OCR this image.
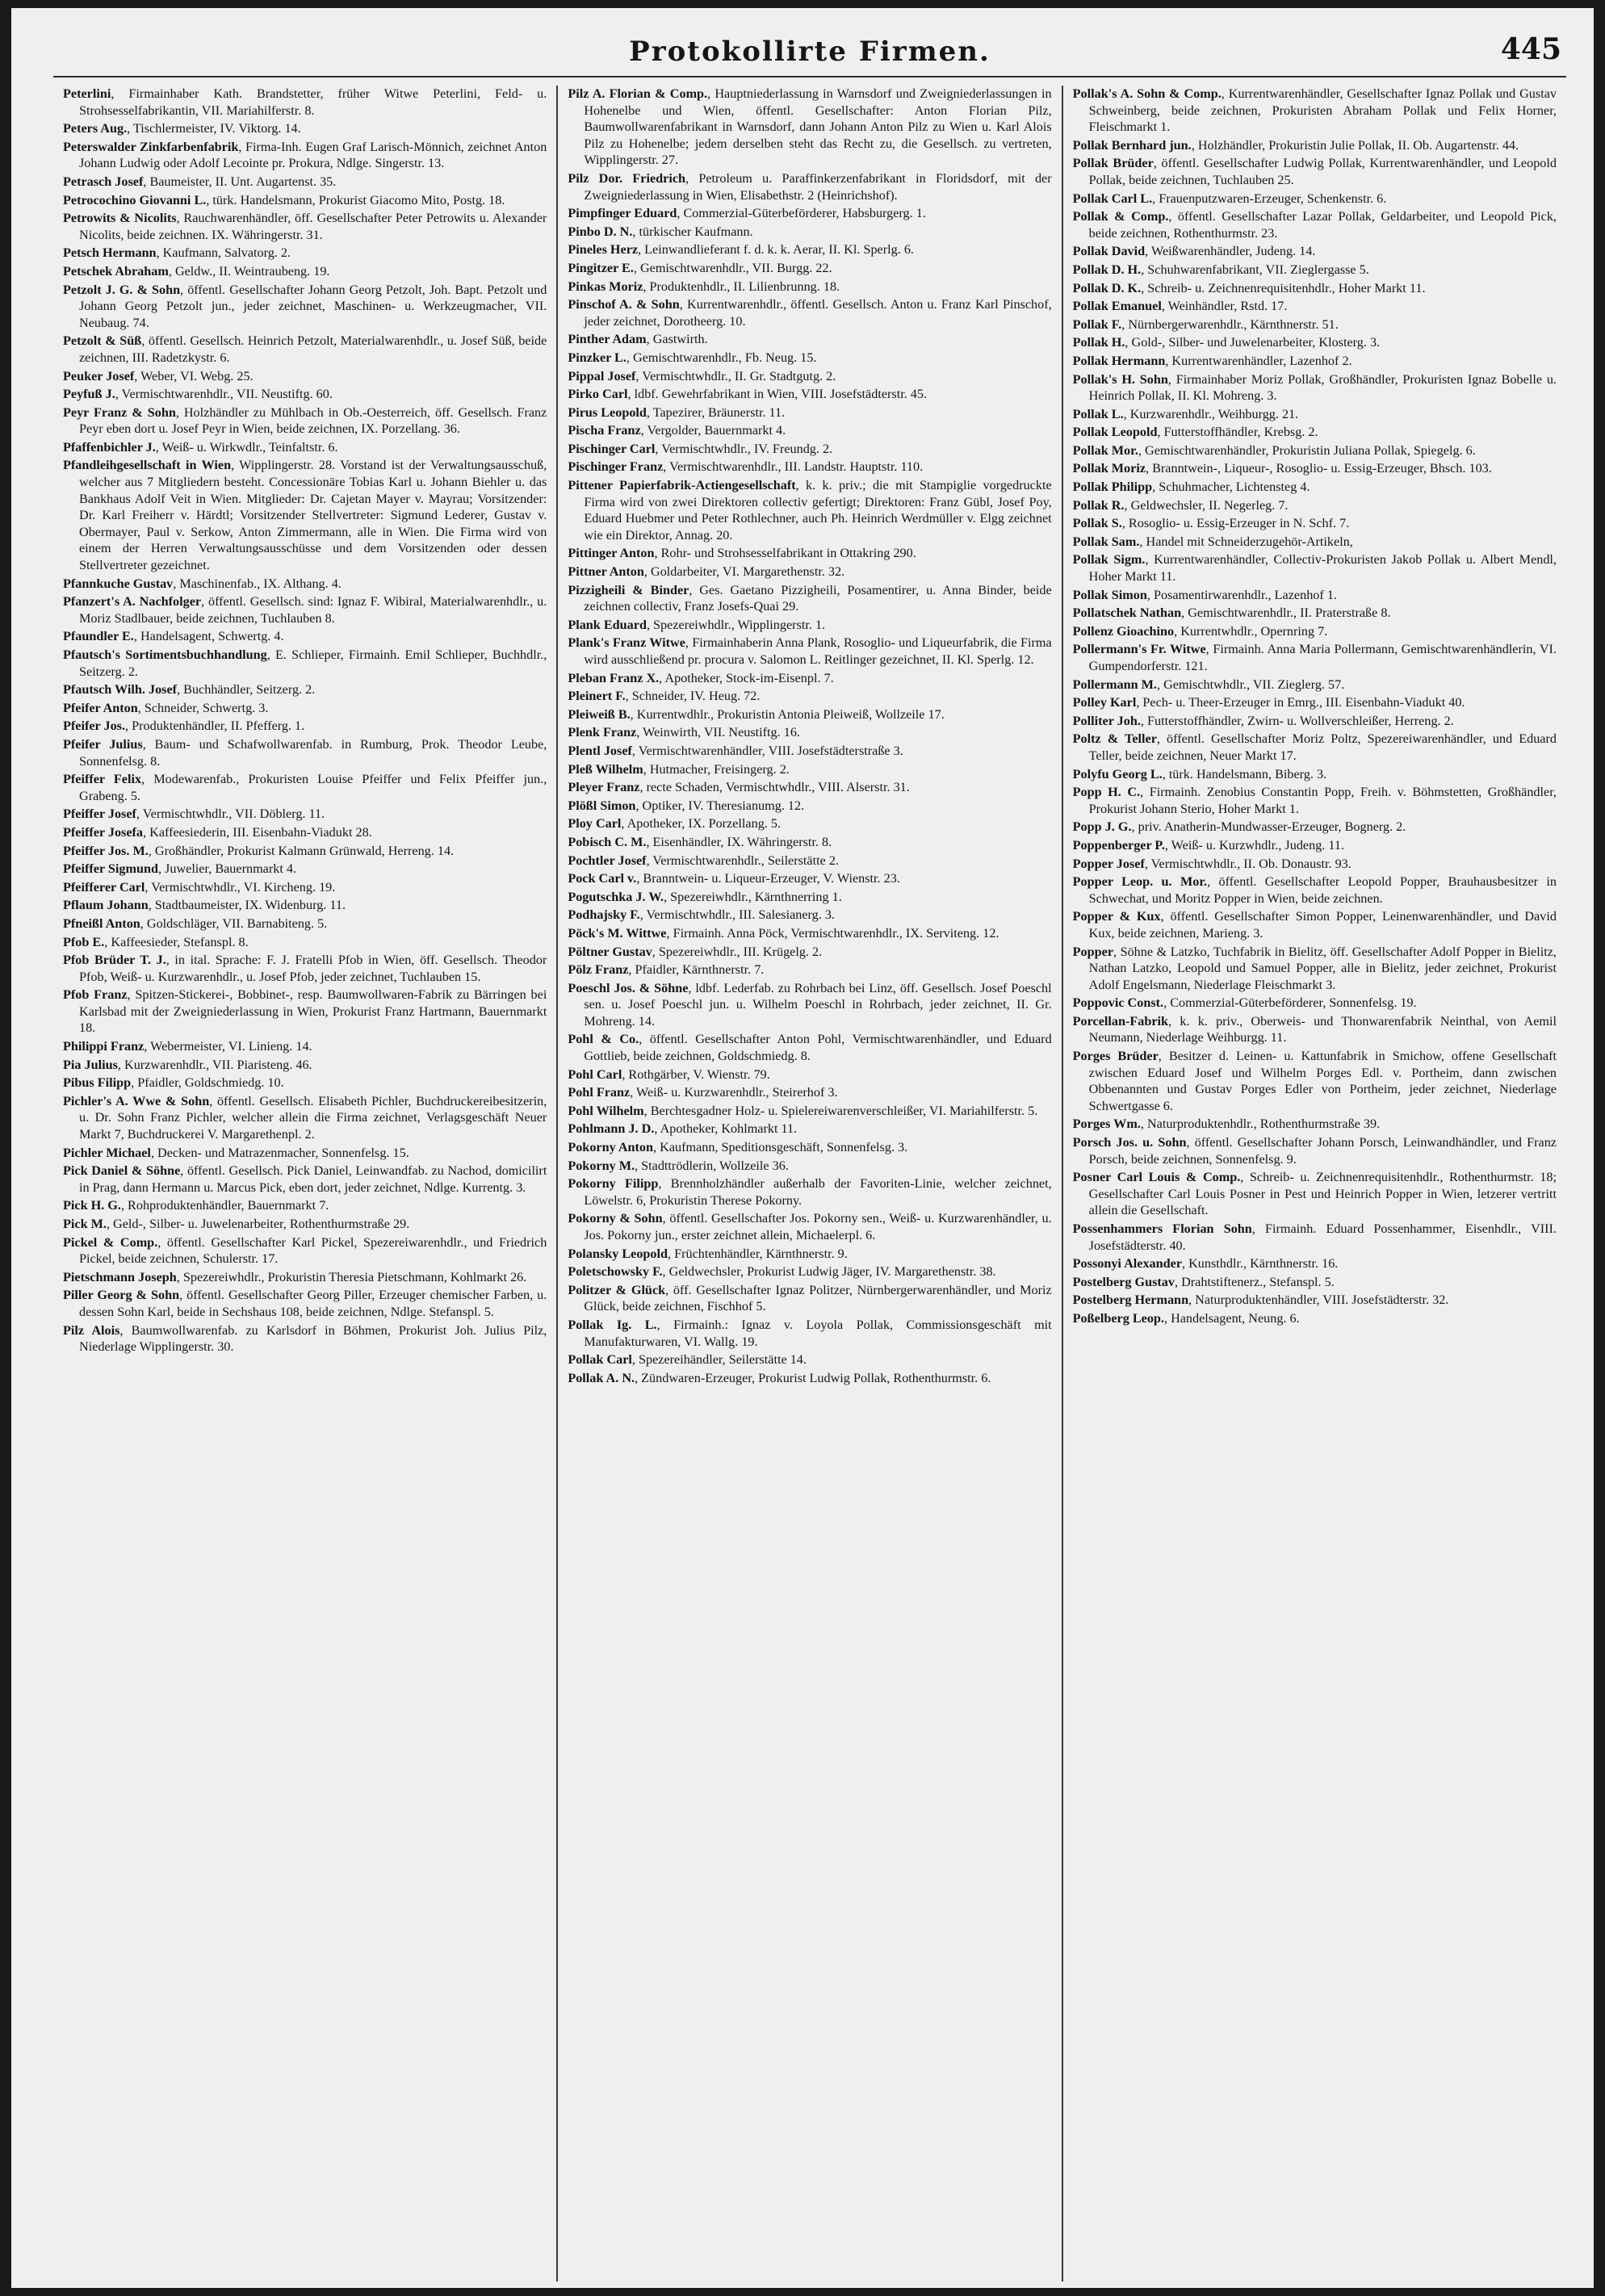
Protokollirte Firmen.	445
Peterlini, Firmainhaber Kath. Brandstetter, früher Witwe Peterlini, Feld- u. Strohsesselfabrikantin, VII. Mariahilferstr. 8.
Peters Aug., Tischlermeister, IV. Viktorg. 14.
Peterswalder Zinkfarbenfabrik, Firma-Inh. Eugen Graf Larisch-Mönnich, zeichnet Anton Johann Ludwig oder Adolf Lecointe pr. Prokura, Ndlge. Singerstr. 13.
Petrasch Josef, Baumeister, II. Unt. Augartenst. 35.
Petrocochino Giovanni L., türk. Handelsmann, Prokurist Giacomo Mito, Postg. 18.
Petrowits & Nicolits, Rauchwarenhändler, öff. Gesellschafter Peter Petrowits u. Alexander Nicolits, beide zeichnen. IX. Währingerstr. 31.
Petsch Hermann, Kaufmann, Salvatorg. 2.
Petschek Abraham, Geldw., II. Weintraubeng. 19.
Petzolt J. G. & Sohn, öffentl. Gesellschafter Johann Georg Petzolt, Joh. Bapt. Petzolt und Johann Georg Petzolt jun., jeder zeichnet, Maschinen- u. Werkzeugmacher, VII. Neubaug. 74.
Petzolt & Süß, öffentl. Gesellsch. Heinrich Petzolt, Materialwarenhdlr., u. Josef Süß, beide zeichnen, III. Radetzkystr. 6.
Peuker Josef, Weber, VI. Webg. 25.
Peyfuß J., Vermischtwarenhdlr., VII. Neustiftg. 60.
Peyr Franz & Sohn, Holzhändler zu Mühlbach in Ob.-Oesterreich, öff. Gesellsch. Franz Peyr eben dort u. Josef Peyr in Wien, beide zeichnen, IX. Porzellang. 36.
Pfaffenbichler J., Weiß- u. Wirkwdlr., Teinfaltstr. 6.
Pfandleihgesellschaft in Wien, Wipplingerstr. 28. Vorstand ist der Verwaltungsausschuß, welcher aus 7 Mitgliedern besteht. Concessionäre Tobias Karl u. Johann Biehler u. das Bankhaus Adolf Veit in Wien. Mitglieder: Dr. Cajetan Mayer v. Mayrau; Vorsitzender: Dr. Karl Freiherr v. Härdtl; Vorsitzender Stellvertreter: Sigmund Lederer, Gustav v. Obermayer, Paul v. Serkow, Anton Zimmermann, alle in Wien. Die Firma wird von einem der Herren Verwaltungsausschüsse und dem Vorsitzenden oder dessen Stellvertreter gezeichnet.
Pfannkuche Gustav, Maschinenfab., IX. Althang. 4.
Pfanzert's A. Nachfolger, öffentl. Gesellsch. sind: Ignaz F. Wibiral, Materialwarenhdlr., u. Moriz Stadlbauer, beide zeichnen, Tuchlauben 8.
Pfaundler E., Handelsagent, Schwertg. 4.
Pfautsch's Sortimentsbuchhandlung, E. Schlieper, Firmainh. Emil Schlieper, Buchhdlr., Seitzerg. 2.
Pfautsch Wilh. Josef, Buchhändler, Seitzerg. 2.
Pfeifer Anton, Schneider, Schwertg. 3.
Pfeifer Jos., Produktenhändler, II. Pfefferg. 1.
Pfeifer Julius, Baum- und Schafwollwarenfab. in Rumburg, Prok. Theodor Leube, Sonnenfelsg. 8.
Pfeiffer Felix, Modewarenfab., Prokuristen Louise Pfeiffer und Felix Pfeiffer jun., Grabeng. 5.
Pfeiffer Josef, Vermischtwhdlr., VII. Döblerg. 11.
Pfeiffer Josefa, Kaffeesiederin, III. Eisenbahn-Viadukt 28.
Pfeiffer Jos. M., Großhändler, Prokurist Kalmann Grünwald, Herreng. 14.
Pfeiffer Sigmund, Juwelier, Bauernmarkt 4.
Pfeifferer Carl, Vermischtwhdlr., VI. Kircheng. 19.
Pflaum Johann, Stadtbaumeister, IX. Widenburg. 11.
Pfneißl Anton, Goldschläger, VII. Barnabiteng. 5.
Pfob E., Kaffeesieder, Stefanspl. 8.
Pfob Brüder T. J., in ital. Sprache: F. J. Fratelli Pfob in Wien, öff. Gesellsch. Theodor Pfob, Weiß- u. Kurzwarenhdlr., u. Josef Pfob, jeder zeichnet, Tuchlauben 15.
Pfob Franz, Spitzen-Stickerei-, Bobbinet-, resp. Baumwollwaren-Fabrik zu Bärringen bei Karlsbad mit der Zweigniederlassung in Wien, Prokurist Franz Hartmann, Bauernmarkt 18.
Philippi Franz, Webermeister, VI. Linieng. 14.
Pia Julius, Kurzwarenhdlr., VII. Piaristeng. 46.
Pibus Filipp, Pfaidler, Goldschmiedg. 10.
Pichler's A. Wwe & Sohn, öffentl. Gesellsch. Elisabeth Pichler, Buchdruckereibesitzerin, u. Dr. Sohn Franz Pichler, welcher allein die Firma zeichnet, Verlagsgeschäft Neuer Markt 7, Buchdruckerei V. Margarethenpl. 2.
Pichler Michael, Decken- und Matrazenmacher, Sonnenfelsg. 15.
Pick Daniel & Söhne, öffentl. Gesellsch. Pick Daniel, Leinwandfab. zu Nachod, domicilirt in Prag, dann Hermann u. Marcus Pick, eben dort, jeder zeichnet, Ndlge. Kurrentg. 3.
Pick H. G., Rohproduktenhändler, Bauernmarkt 7.
Pick M., Geld-, Silber- u. Juwelenarbeiter, Rothenthurmstraße 29.
Pickel & Comp., öffentl. Gesellschafter Karl Pickel, Spezereiwarenhdlr., und Friedrich Pickel, beide zeichnen, Schulerstr. 17.
Pietschmann Joseph, Spezereiwhdlr., Prokuristin Theresia Pietschmann, Kohlmarkt 26.
Piller Georg & Sohn, öffentl. Gesellschafter Georg Piller, Erzeuger chemischer Farben, u. dessen Sohn Karl, beide in Sechshaus 108, beide zeichnen, Ndlge. Stefanspl. 5.
Pilz Alois, Baumwollwarenfab. zu Karlsdorf in Böhmen, Prokurist Joh. Julius Pilz, Niederlage Wipplingerstr. 30.
Pilz A. Florian & Comp., Hauptniederlassung in Warnsdorf und Zweigniederlassungen in Hohenelbe und Wien, öffentl. Gesellschafter: Anton Florian Pilz, Baumwollwarenfabrikant in Warnsdorf, dann Johann Anton Pilz zu Wien u. Karl Alois Pilz zu Hohenelbe; jedem derselben steht das Recht zu, die Gesellsch. zu vertreten, Wipplingerstr. 27.
Pilz Dor. Friedrich, Petroleum u. Paraffinkerzenfabrikant in Floridsdorf, mit der Zweigniederlassung in Wien, Elisabethstr. 2 (Heinrichshof).
Pimpfinger Eduard, Commerzial-Güterbeförderer, Habsburgerg. 1.
Pinbo D. N., türkischer Kaufmann.
Pineles Herz, Leinwandlieferant f. d. k. k. Aerar, II. Kl. Sperlg. 6.
Pingitzer E., Gemischtwarenhdlr., VII. Burgg. 22.
Pinkas Moriz, Produktenhdlr., II. Lilienbrunng. 18.
Pinschof A. & Sohn, Kurrentwarenhdlr., öffentl. Gesellsch. Anton u. Franz Karl Pinschof, jeder zeichnet, Dorotheerg. 10.
Pinther Adam, Gastwirth.
Pinzker L., Gemischtwarenhdlr., Fb. Neug. 15.
Pippal Josef, Vermischtwhdlr., II. Gr. Stadtgutg. 2.
Pirko Carl, ldbf. Gewehrfabrikant in Wien, VIII. Josefstädterstr. 45.
Pirus Leopold, Tapezirer, Bräunerstr. 11.
Pischa Franz, Vergolder, Bauernmarkt 4.
Pischinger Carl, Vermischtwhdlr., IV. Freundg. 2.
Pischinger Franz, Vermischtwarenhdlr., III. Landstr. Hauptstr. 110.
Pittener Papierfabrik-Actiengesellschaft, k. k. priv.; die mit Stampiglie vorgedruckte Firma wird von zwei Direktoren collectiv gefertigt; Direktoren: Franz Gübl, Josef Poy, Eduard Huebmer und Peter Rothlechner, auch Ph. Heinrich Werdmüller v. Elgg zeichnet wie ein Direktor, Annag. 20.
Pittinger Anton, Rohr- und Strohsesselfabrikant in Ottakring 290.
Pittner Anton, Goldarbeiter, VI. Margarethenstr. 32.
Pizzigheili & Binder, Ges. Gaetano Pizzigheili, Posamentirer, u. Anna Binder, beide zeichnen collectiv, Franz Josefs-Quai 29.
Plank Eduard, Spezereiwhdlr., Wipplingerstr. 1.
Plank's Franz Witwe, Firmainhaberin Anna Plank, Rosoglio- und Liqueurfabrik, die Firma wird ausschließend pr. procura v. Salomon L. Reitlinger gezeichnet, II. Kl. Sperlg. 12.
Pleban Franz X., Apotheker, Stock-im-Eisenpl. 7.
Pleinert F., Schneider, IV. Heug. 72.
Pleiweiß B., Kurrentwdhlr., Prokuristin Antonia Pleiweiß, Wollzeile 17.
Plenk Franz, Weinwirth, VII. Neustiftg. 16.
Plentl Josef, Vermischtwarenhändler, VIII. Josefstädterstraße 3.
Pleß Wilhelm, Hutmacher, Freisingerg. 2.
Pleyer Franz, recte Schaden, Vermischtwhdlr., VIII. Alserstr. 31.
Plößl Simon, Optiker, IV. Theresianumg. 12.
Ploy Carl, Apotheker, IX. Porzellang. 5.
Pobisch C. M., Eisenhändler, IX. Währingerstr. 8.
Pochtler Josef, Vermischtwarenhdlr., Seilerstätte 2.
Pock Carl v., Branntwein- u. Liqueur-Erzeuger, V. Wienstr. 23.
Pogutschka J. W., Spezereiwhdlr., Kärnthnerring 1.
Podhajsky F., Vermischtwhdlr., III. Salesianerg. 3.
Pöck's M. Wittwe, Firmainh. Anna Pöck, Vermischtwarenhdlr., IX. Serviteng. 12.
Pöltner Gustav, Spezereiwhdlr., III. Krügelg. 2.
Pölz Franz, Pfaidler, Kärnthnerstr. 7.
Poeschl Jos. & Söhne, ldbf. Lederfab. zu Rohrbach bei Linz, öff. Gesellsch. Josef Poeschl sen. u. Josef Poeschl jun. u. Wilhelm Poeschl in Rohrbach, jeder zeichnet, II. Gr. Mohreng. 14.
Pohl & Co., öffentl. Gesellschafter Anton Pohl, Vermischtwarenhändler, und Eduard Gottlieb, beide zeichnen, Goldschmiedg. 8.
Pohl Carl, Rothgärber, V. Wienstr. 79.
Pohl Franz, Weiß- u. Kurzwarenhdlr., Steirerhof 3.
Pohl Wilhelm, Berchtesgadner Holz- u. Spielereiwarenverschleißer, VI. Mariahilferstr. 5.
Pohlmann J. D., Apotheker, Kohlmarkt 11.
Pokorny Anton, Kaufmann, Speditionsgeschäft, Sonnenfelsg. 3.
Pokorny M., Stadttrödlerin, Wollzeile 36.
Pokorny Filipp, Brennholzhändler außerhalb der Favoriten-Linie, welcher zeichnet, Löwelstr. 6, Prokuristin Therese Pokorny.
Pokorny & Sohn, öffentl. Gesellschafter Jos. Pokorny sen., Weiß- u. Kurzwarenhändler, u. Jos. Pokorny jun., erster zeichnet allein, Michaelerpl. 6.
Polansky Leopold, Früchtenhändler, Kärnthnerstr. 9.
Poletschowsky F., Geldwechsler, Prokurist Ludwig Jäger, IV. Margarethenstr. 38.
Politzer & Glück, öff. Gesellschafter Ignaz Politzer, Nürnbergerwarenhändler, und Moriz Glück, beide zeichnen, Fischhof 5.
Pollak Ig. L., Firmainh.: Ignaz v. Loyola Pollak, Commissionsgeschäft mit Manufakturwaren, VI. Wallg. 19.
Pollak Carl, Spezereihändler, Seilerstätte 14.
Pollak A. N., Zündwaren-Erzeuger, Prokurist Ludwig Pollak, Rothenthurmstr. 6.
Pollak's A. Sohn & Comp., Kurrentwarenhändler, Gesellschafter Ignaz Pollak und Gustav Schweinberg, beide zeichnen, Prokuristen Abraham Pollak und Felix Horner, Fleischmarkt 1.
Pollak Bernhard jun., Holzhändler, Prokuristin Julie Pollak, II. Ob. Augartenstr. 44.
Pollak Brüder, öffentl. Gesellschafter Ludwig Pollak, Kurrentwarenhändler, und Leopold Pollak, beide zeichnen, Tuchlauben 25.
Pollak Carl L., Frauenputzwaren-Erzeuger, Schenkenstr. 6.
Pollak & Comp., öffentl. Gesellschafter Lazar Pollak, Geldarbeiter, und Leopold Pick, beide zeichnen, Rothenthurmstr. 23.
Pollak David, Weißwarenhändler, Judeng. 14.
Pollak D. H., Schuhwarenfabrikant, VII. Zieglergasse 5.
Pollak D. K., Schreib- u. Zeichnenrequisitenhdlr., Hoher Markt 11.
Pollak Emanuel, Weinhändler, Rstd. 17.
Pollak F., Nürnbergerwarenhdlr., Kärnthnerstr. 51.
Pollak H., Gold-, Silber- und Juwelenarbeiter, Klosterg. 3.
Pollak Hermann, Kurrentwarenhändler, Lazenhof 2.
Pollak's H. Sohn, Firmainhaber Moriz Pollak, Großhändler, Prokuristen Ignaz Bobelle u. Heinrich Pollak, II. Kl. Mohreng. 3.
Pollak L., Kurzwarenhdlr., Weihburgg. 21.
Pollak Leopold, Futterstoffhändler, Krebsg. 2.
Pollak Mor., Gemischtwarenhändler, Prokuristin Juliana Pollak, Spiegelg. 6.
Pollak Moriz, Branntwein-, Liqueur-, Rosoglio- u. Essig-Erzeuger, Bhsch. 103.
Pollak Philipp, Schuhmacher, Lichtensteg 4.
Pollak R., Geldwechsler, II. Negerleg. 7.
Pollak S., Rosoglio- u. Essig-Erzeuger in N. Schf. 7.
Pollak Sam., Handel mit Schneiderzugehör-Artikeln,
Pollak Sigm., Kurrentwarenhändler, Collectiv-Prokuristen Jakob Pollak u. Albert Mendl, Hoher Markt 11.
Pollak Simon, Posamentirwarenhdlr., Lazenhof 1.
Pollatschek Nathan, Gemischtwarenhdlr., II. Praterstraße 8.
Pollenz Gioachino, Kurrentwhdlr., Opernring 7.
Pollermann's Fr. Witwe, Firmainh. Anna Maria Pollermann, Gemischtwarenhändlerin, VI. Gumpendorferstr. 121.
Pollermann M., Gemischtwhdlr., VII. Zieglerg. 57.
Polley Karl, Pech- u. Theer-Erzeuger in Emrg., III. Eisenbahn-Viadukt 40.
Polliter Joh., Futterstoffhändler, Zwirn- u. Wollverschleißer, Herreng. 2.
Poltz & Teller, öffentl. Gesellschafter Moriz Poltz, Spezereiwarenhändler, und Eduard Teller, beide zeichnen, Neuer Markt 17.
Polyfu Georg L., türk. Handelsmann, Biberg. 3.
Popp H. C., Firmainh. Zenobius Constantin Popp, Freih. v. Böhmstetten, Großhändler, Prokurist Johann Sterio, Hoher Markt 1.
Popp J. G., priv. Anatherin-Mundwasser-Erzeuger, Bognerg. 2.
Poppenberger P., Weiß- u. Kurzwhdlr., Judeng. 11.
Popper Josef, Vermischtwhdlr., II. Ob. Donaustr. 93.
Popper Leop. u. Mor., öffentl. Gesellschafter Leopold Popper, Brauhausbesitzer in Schwechat, und Moritz Popper in Wien, beide zeichnen.
Popper & Kux, öffentl. Gesellschafter Simon Popper, Leinenwarenhändler, und David Kux, beide zeichnen, Marieng. 3.
Popper, Söhne & Latzko, Tuchfabrik in Bielitz, öff. Gesellschafter Adolf Popper in Bielitz, Nathan Latzko, Leopold und Samuel Popper, alle in Bielitz, jeder zeichnet, Prokurist Adolf Engelsmann, Niederlage Fleischmarkt 3.
Poppovic Const., Commerzial-Güterbeförderer, Sonnenfelsg. 19.
Porcellan-Fabrik, k. k. priv., Oberweis- und Thonwarenfabrik Neinthal, von Aemil Neumann, Niederlage Weihburgg. 11.
Porges Brüder, Besitzer d. Leinen- u. Kattunfabrik in Smichow, offene Gesellschaft zwischen Eduard Josef und Wilhelm Porges Edl. v. Portheim, dann zwischen Obbenannten und Gustav Porges Edler von Portheim, jeder zeichnet, Niederlage Schwertgasse 6.
Porges Wm., Naturproduktenhdlr., Rothenthurmstraße 39.
Porsch Jos. u. Sohn, öffentl. Gesellschafter Johann Porsch, Leinwandhändler, und Franz Porsch, beide zeichnen, Sonnenfelsg. 9.
Posner Carl Louis & Comp., Schreib- u. Zeichnenrequisitenhdlr., Rothenthurmstr. 18; Gesellschafter Carl Louis Posner in Pest und Heinrich Popper in Wien, letzerer vertritt allein die Gesellschaft.
Possenhammers Florian Sohn, Firmainh. Eduard Possenhammer, Eisenhdlr., VIII. Josefstädterstr. 40.
Possonyi Alexander, Kunsthdlr., Kärnthnerstr. 16.
Postelberg Gustav, Drahtstiftenerz., Stefanspl. 5.
Postelberg Hermann, Naturproduktenhändler, VIII. Josefstädterstr. 32.
Poßelberg Leop., Handelsagent, Neung. 6.
